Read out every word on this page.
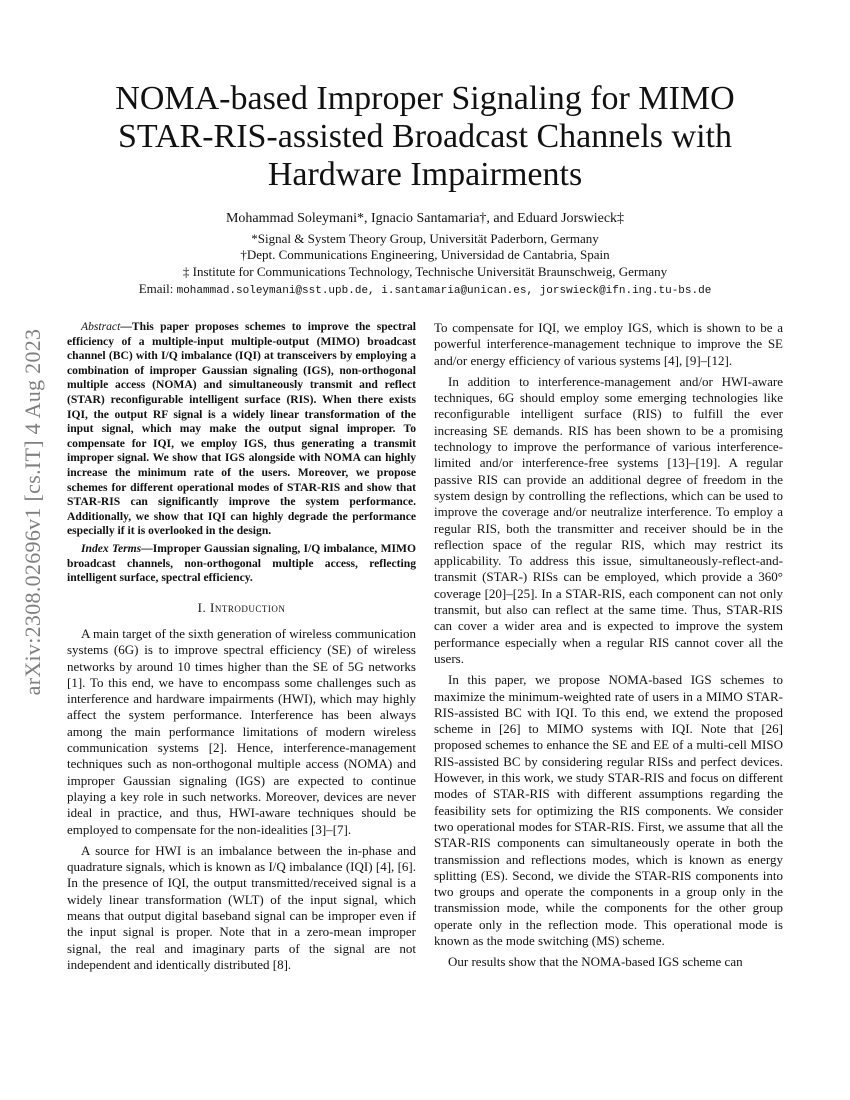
arXiv:2308.02696v1 [cs.IT] 4 Aug 2023
NOMA-based Improper Signaling for MIMO
STAR-RIS-assisted Broadcast Channels with
Hardware Impairments
Mohammad Soleymani*, Ignacio Santamaria†, and Eduard Jorswieck‡
*Signal & System Theory Group, Universität Paderborn, Germany
†Dept. Communications Engineering, Universidad de Cantabria, Spain
‡ Institute for Communications Technology, Technische Universität Braunschweig, Germany
Email: mohammad.soleymani@sst.upb.de, i.santamaria@unican.es, jorswieck@ifn.ing.tu-bs.de

Abstract—This paper proposes schemes to improve the spectral efficiency of a multiple-input multiple-output (MIMO) broadcast channel (BC) with I/Q imbalance (IQI) at transceivers by employing a combination of improper Gaussian signaling (IGS), non-orthogonal multiple access (NOMA) and simultaneously transmit and reflect (STAR) reconfigurable intelligent surface (RIS). When there exists IQI, the output RF signal is a widely linear transformation of the input signal, which may make the output signal improper. To compensate for IQI, we employ IGS, thus generating a transmit improper signal. We show that IGS alongside with NOMA can highly increase the minimum rate of the users. Moreover, we propose schemes for different operational modes of STAR-RIS and show that STAR-RIS can significantly improve the system performance. Additionally, we show that IQI can highly degrade the performance especially if it is overlooked in the design.

Index Terms—Improper Gaussian signaling, I/Q imbalance, MIMO broadcast channels, non-orthogonal multiple access, reflecting intelligent surface, spectral efficiency.

I. Introduction

A main target of the sixth generation of wireless communication systems (6G) is to improve spectral efficiency (SE) of wireless networks by around 10 times higher than the SE of 5G networks [1]. To this end, we have to encompass some challenges such as interference and hardware impairments (HWI), which may highly affect the system performance. Interference has been always among the main performance limitations of modern wireless communication systems [2]. Hence, interference-management techniques such as non-orthogonal multiple access (NOMA) and improper Gaussian signaling (IGS) are expected to continue playing a key role in such networks. Moreover, devices are never ideal in practice, and thus, HWI-aware techniques should be employed to compensate for the non-idealities [3]–[7].

A source for HWI is an imbalance between the in-phase and quadrature signals, which is known as I/Q imbalance (IQI) [4], [6]. In the presence of IQI, the output transmitted/received signal is a widely linear transformation (WLT) of the input signal, which means that output digital baseband signal can be improper even if the input signal is proper. Note that in a zero-mean improper signal, the real and imaginary parts of the signal are not independent and identically distributed [8].

To compensate for IQI, we employ IGS, which is shown to be a powerful interference-management technique to improve the SE and/or energy efficiency of various systems [4], [9]–[12].

In addition to interference-management and/or HWI-aware techniques, 6G should employ some emerging technologies like reconfigurable intelligent surface (RIS) to fulfill the ever increasing SE demands. RIS has been shown to be a promising technology to improve the performance of various interference-limited and/or interference-free systems [13]–[19]. A regular passive RIS can provide an additional degree of freedom in the system design by controlling the reflections, which can be used to improve the coverage and/or neutralize interference. To employ a regular RIS, both the transmitter and receiver should be in the reflection space of the regular RIS, which may restrict its applicability. To address this issue, simultaneously-reflect-and-transmit (STAR-) RISs can be employed, which provide a 360° coverage [20]–[25]. In a STAR-RIS, each component can not only transmit, but also can reflect at the same time. Thus, STAR-RIS can cover a wider area and is expected to improve the system performance especially when a regular RIS cannot cover all the users.

In this paper, we propose NOMA-based IGS schemes to maximize the minimum-weighted rate of users in a MIMO STAR-RIS-assisted BC with IQI. To this end, we extend the proposed scheme in [26] to MIMO systems with IQI. Note that [26] proposed schemes to enhance the SE and EE of a multi-cell MISO RIS-assisted BC by considering regular RISs and perfect devices. However, in this work, we study STAR-RIS and focus on different modes of STAR-RIS with different assumptions regarding the feasibility sets for optimizing the RIS components. We consider two operational modes for STAR-RIS. First, we assume that all the STAR-RIS components can simultaneously operate in both the transmission and reflections modes, which is known as energy splitting (ES). Second, we divide the STAR-RIS components into two groups and operate the components in a group only in the transmission mode, while the components for the other group operate only in the reflection mode. This operational mode is known as the mode switching (MS) scheme.

Our results show that the NOMA-based IGS scheme can
